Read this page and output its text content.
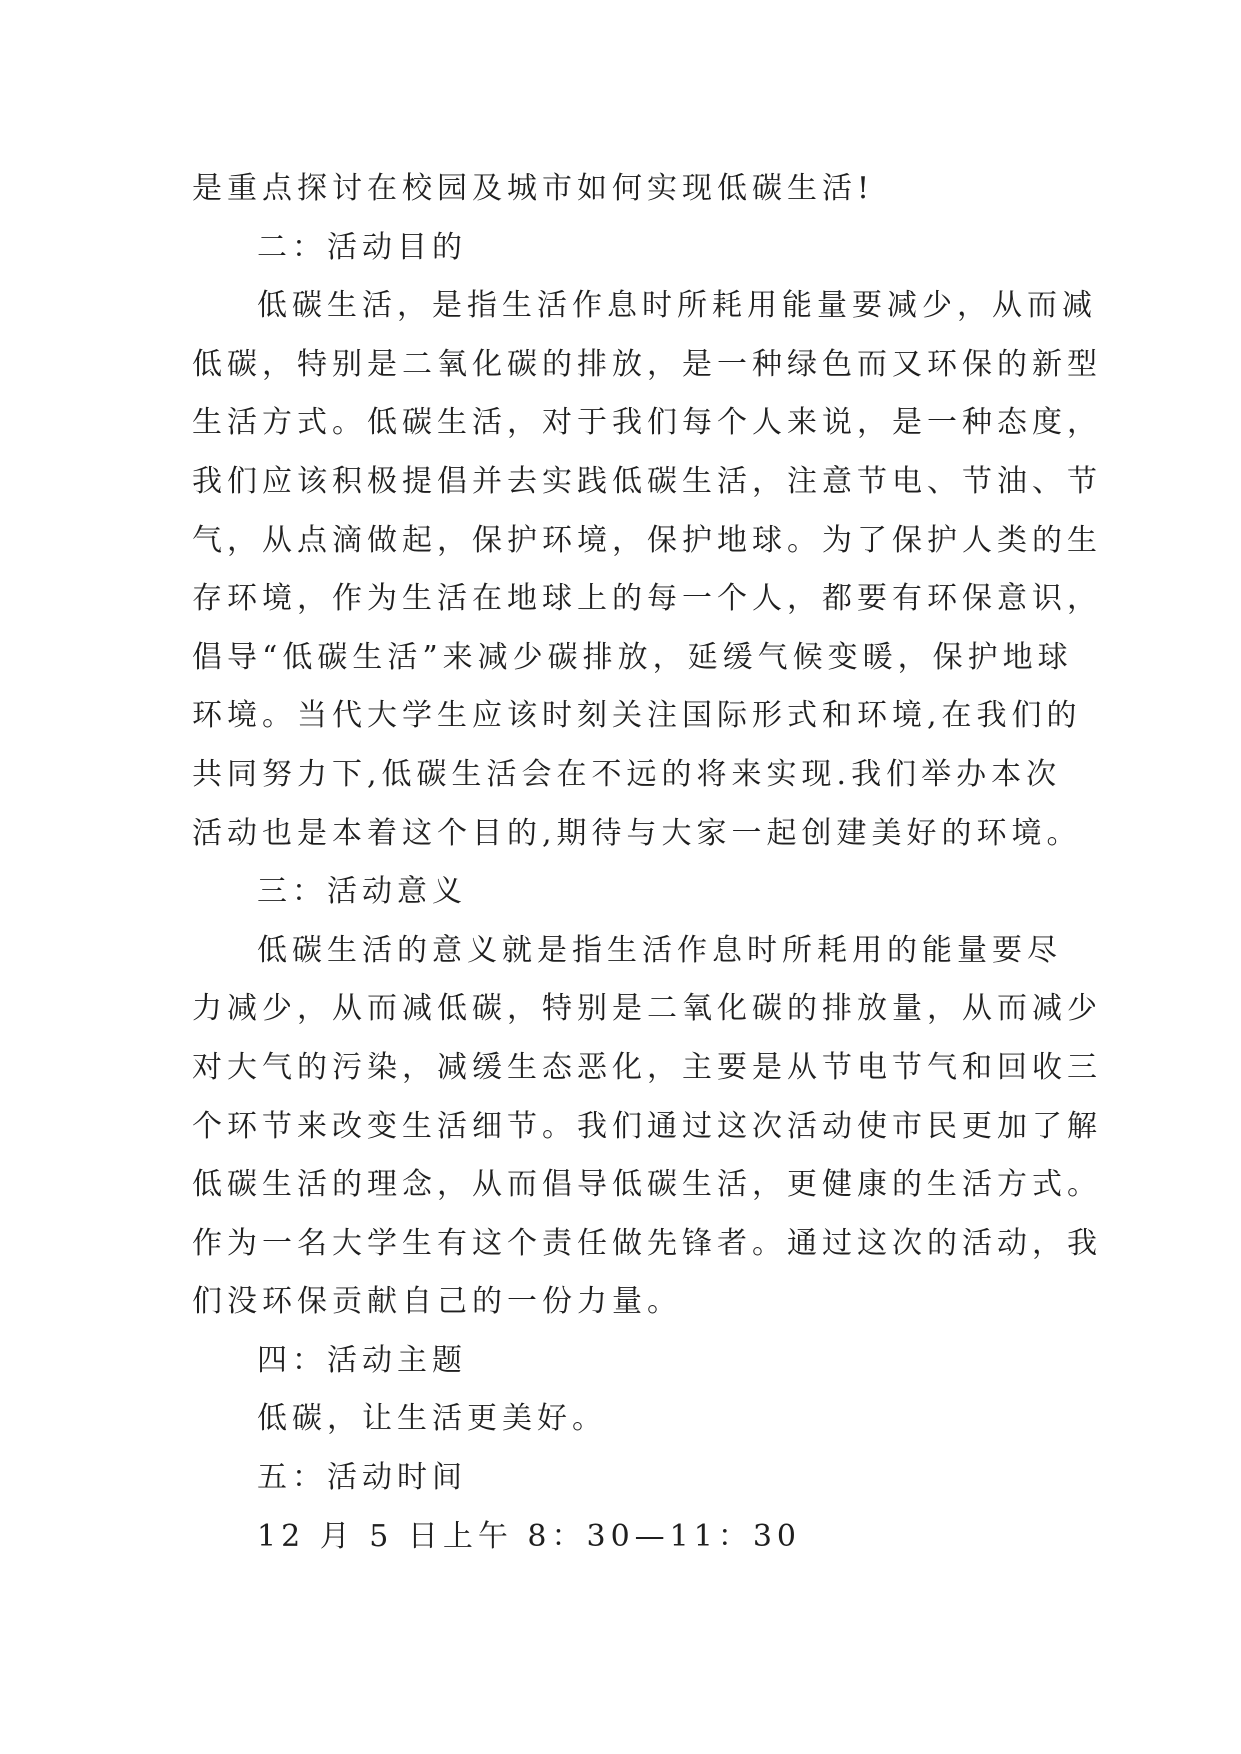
是重点探讨在校园及城市如何实现低碳生活!
二：活动目的
低碳生活，是指生活作息时所耗用能量要减少，从而减
低碳，特别是二氧化碳的排放，是一种绿色而又环保的新型
生活方式。低碳生活，对于我们每个人来说，是一种态度，
我们应该积极提倡并去实践低碳生活，注意节电、节油、节
气，从点滴做起，保护环境，保护地球。为了保护人类的生
存环境，作为生活在地球上的每一个人，都要有环保意识，
倡导“低碳生活”来减少碳排放，延缓气候变暖，保护地球
环境。当代大学生应该时刻关注国际形式和环境,在我们的
共同努力下,低碳生活会在不远的将来实现.我们举办本次
活动也是本着这个目的,期待与大家一起创建美好的环境。
三：活动意义
低碳生活的意义就是指生活作息时所耗用的能量要尽
力减少，从而减低碳，特别是二氧化碳的排放量，从而减少
对大气的污染，减缓生态恶化，主要是从节电节气和回收三
个环节来改变生活细节。我们通过这次活动使市民更加了解
低碳生活的理念，从而倡导低碳生活，更健康的生活方式。
作为一名大学生有这个责任做先锋者。通过这次的活动，我
们没环保贡献自己的一份力量。
四：活动主题
低碳，让生活更美好。
五：活动时间
12 月 5 日上午 8：30—11：30
